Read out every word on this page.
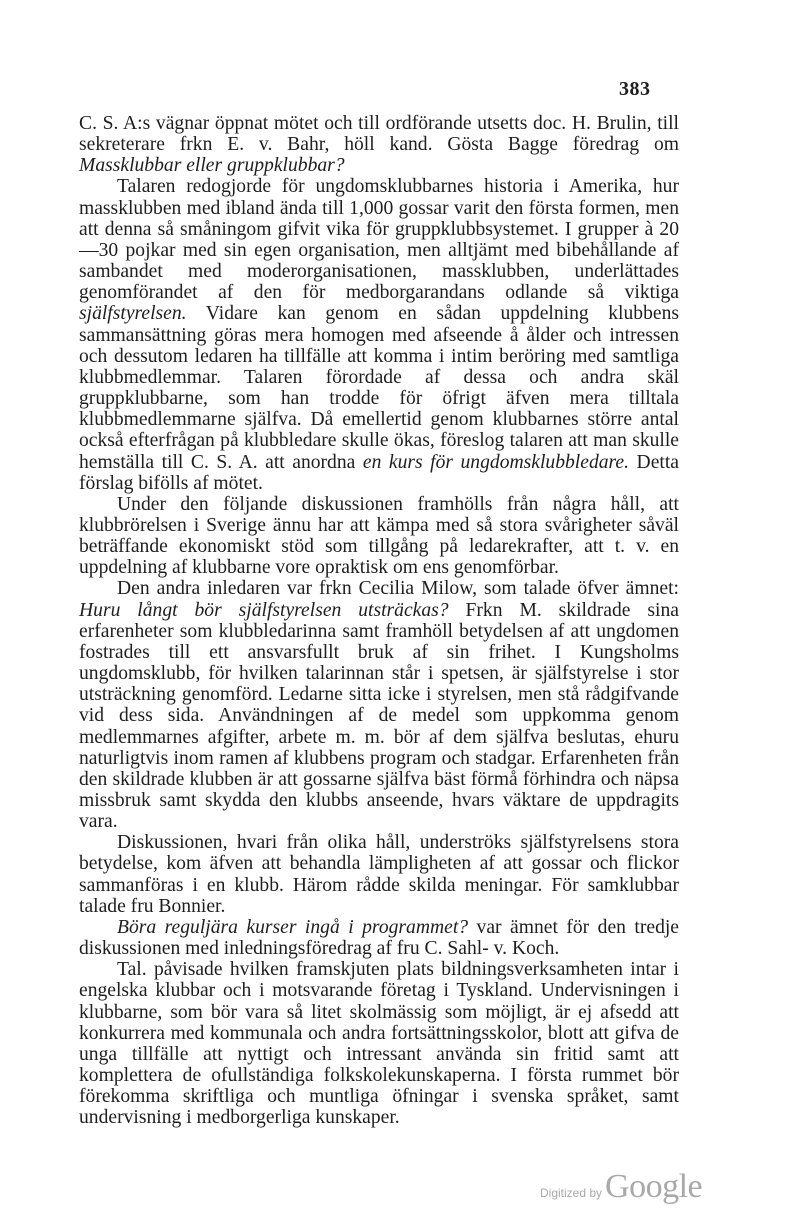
383

C. S. A:s vägnar öppnat mötet och till ordförande utsetts doc. H. Brulin, till sekreterare frkn E. v. Bahr, höll kand. Gösta Bagge föredrag om Massklubbar eller gruppklubbar?

Talaren redogjorde för ungdomsklubbarnes historia i Amerika, hur massklubben med ibland ända till 1,000 gossar varit den första formen, men att denna så småningom gifvit vika för gruppklubbsystemet. I grupper à 20—30 pojkar med sin egen organisation, men alltjämt med bibehållande af sambandet med moderorganisationen, massklubben, underlättades genomförandet af den för medborgarandans odlande så viktiga själfstyrelsen. Vidare kan genom en sådan uppdelning klubbens sammansättning göras mera homogen med afseende å ålder och intressen och dessutom ledaren ha tillfälle att komma i intim beröring med samtliga klubbmedlemmar. Talaren förordade af dessa och andra skäl gruppklubbarne, som han trodde för öfrigt äfven mera tilltala klubbmedlemmarne själfva. Då emellertid genom klubbarnes större antal också efterfrågan på klubbledare skulle ökas, föreslog talaren att man skulle hemställa till C. S. A. att anordna en kurs för ungdomsklubbledare. Detta förslag bifölls af mötet.

Under den följande diskussionen framhölls från några håll, att klubbrörelsen i Sverige ännu har att kämpa med så stora svårigheter såväl beträffande ekonomiskt stöd som tillgång på ledarekrafter, att t. v. en uppdelning af klubbarne vore opraktisk om ens genomförbar.

Den andra inledaren var frkn Cecilia Milow, som talade öfver ämnet: Huru långt bör själfstyrelsen utsträckas? Frkn M. skildrade sina erfarenheter som klubbledarinna samt framhöll betydelsen af att ungdomen fostrades till ett ansvarsfullt bruk af sin frihet. I Kungsholms ungdomsklubb, för hvilken talarinnan står i spetsen, är själfstyrelse i stor utsträckning genomförd. Ledarne sitta icke i styrelsen, men stå rådgifvande vid dess sida. Användningen af de medel som uppkomma genom medlemmarnes afgifter, arbete m. m. bör af dem själfva beslutas, ehuru naturligtvis inom ramen af klubbens program och stadgar. Erfarenheten från den skildrade klubben är att gossarne själfva bäst förmå förhindra och näpsa missbruk samt skydda den klubbs anseende, hvars väktare de uppdragits vara.

Diskussionen, hvari från olika håll, underströks själfstyrelsens stora betydelse, kom äfven att behandla lämpligheten af att gossar och flickor sammanföras i en klubb. Härom rådde skilda meningar. För samklubbar talade fru Bonnier.

Böra reguljära kurser ingå i programmet? var ämnet för den tredje diskussionen med inledningsföredrag af fru C. Sahl- v. Koch.

Tal. påvisade hvilken framskjuten plats bildningsverksamheten intar i engelska klubbar och i motsvarande företag i Tyskland. Undervisningen i klubbarne, som bör vara så litet skolmässig som möjligt, är ej afsedd att konkurrera med kommunala och andra fortsättningsskolor, blott att gifva de unga tillfälle att nyttigt och intressant använda sin fritid samt att komplettera de ofullständiga folkskolekunskaperna. I första rummet bör förekomma skriftliga och muntliga öfningar i svenska språket, samt undervisning i medborgerliga kunskaper.

Digitized by Google
